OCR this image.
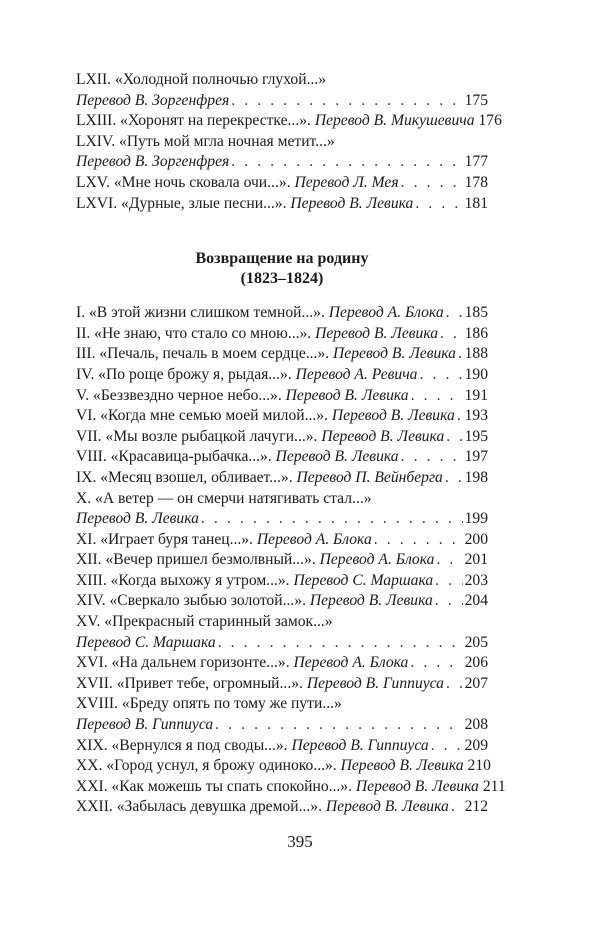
LXII. «Холодной полночью глухой...»
Перевод В. Зоргенфрея . . .	175
LXIII. «Хоронят на перекрестке...». Перевод В. Микушевича 176
LXIV. «Путь мой мгла ночная метит...»
Перевод В. Зоргенфрея . . .	177
LXV. «Мне ночь сковала очи...». Перевод Л. Мея . . .	178
LXVI. «Дурные, злые песни...». Перевод В. Левика . . .	181
Возвращение на родину
(1823–1824)
I. «В этой жизни слишком темной...». Перевод А. Блока . . . 185
II. «Не знаю, что стало со мною...». Перевод В. Левика . . . 186
III. «Печаль, печаль в моем сердце...». Перевод В. Левика . . . 188
IV. «По роще брожу я, рыдая...». Перевод А. Ревича . . .	190
V. «Беззвездно черное небо...». Перевод В. Левика . . .	191
VI. «Когда мне семью моей милой...». Перевод В. Левика . . . 193
VII. «Мы возле рыбацкой лачуги...». Перевод В. Левика . . . 195
VIII. «Красавица-рыбачка...». Перевод В. Левика . . .	197
IX. «Месяц взошел, обливает...». Перевод П. Вейнберга . . . 198
X. «А ветер — он смерчи натягивать стал...»
Перевод В. Левика . . .	199
XI. «Играет буря танец...». Перевод А. Блока . . .	200
XII. «Вечер пришел безмолвный...». Перевод А. Блока . . . 201
XIII. «Когда выхожу я утром...». Перевод С. Маршака . . . 203
XIV. «Сверкало зыбью золотой...». Перевод В. Левика . . . 204
XV. «Прекрасный старинный замок...»
Перевод С. Маршака . . .	205
XVI. «На дальнем горизонте...». Перевод А. Блока . . .	206
XVII. «Привет тебе, огромный...». Перевод В. Гиппиуса . . . 207
XVIII. «Бреду опять по тому же пути...»
Перевод В. Гиппиуса . . .	208
XIX. «Вернулся я под своды...». Перевод В. Гиппиуса . . . 209
XX. «Город уснул, я брожу одиноко...». Перевод В. Левика 210
XXI. «Как можешь ты спать спокойно...». Перевод В. Левика 211
XXII. «Забылась девушка дремой...». Перевод В. Левика . . . 212
395
